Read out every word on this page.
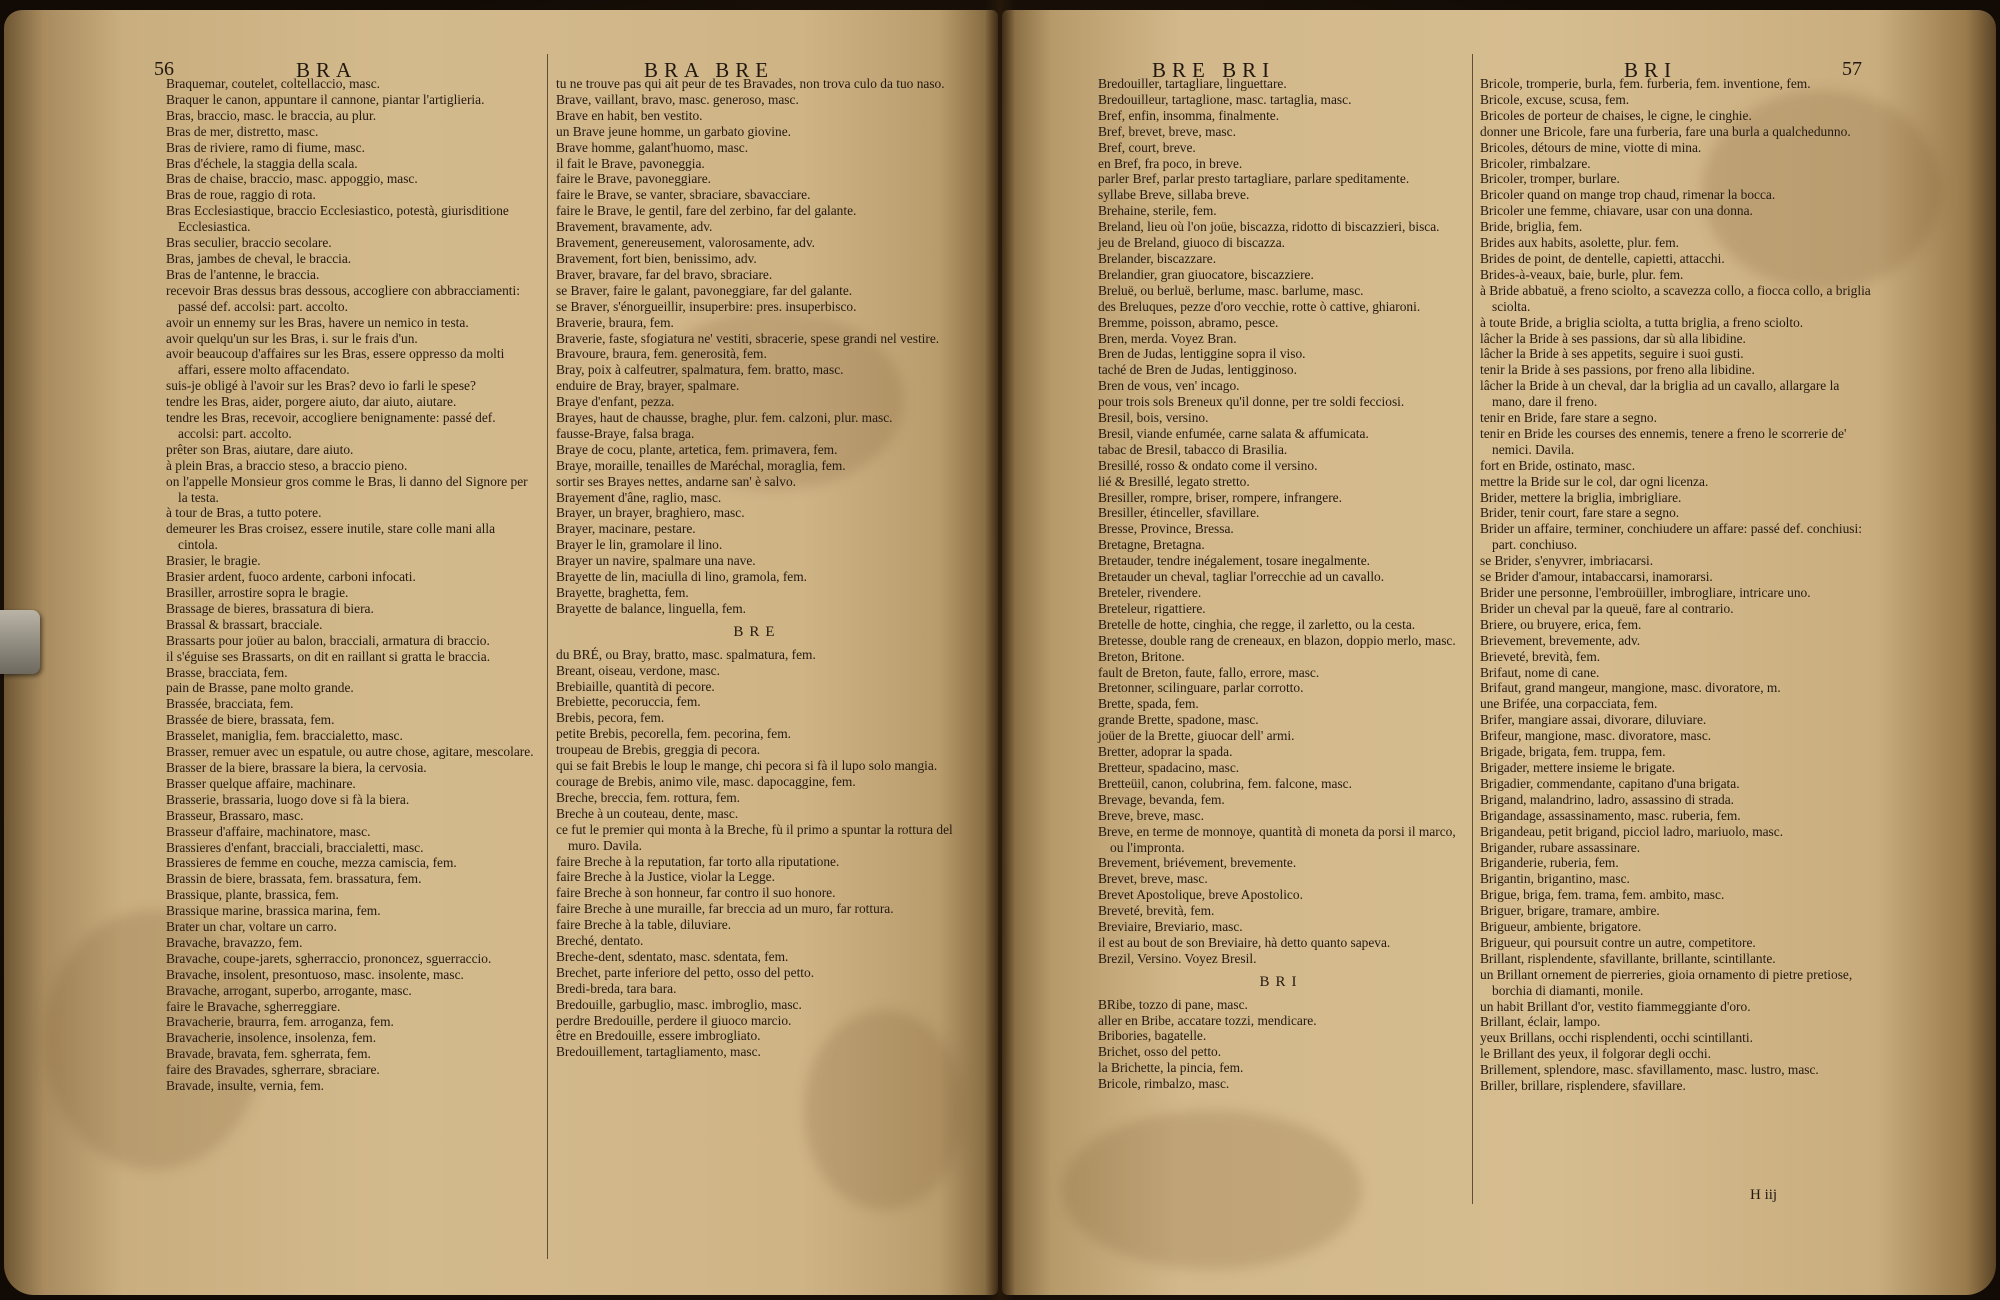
56	BRA	BRA BRE
Braquemar, coutelet, coltellaccio, masc.
Braquer le canon, appuntare il cannone, piantar l'artiglieria.
Bras, braccio, masc. le braccia, au plur.
Bras de mer, distretto, masc.
Bras de riviere, ramo di fiume, masc.
Bras d'échele, la staggia della scala.
Bras de chaise, braccio, masc. appoggio, masc.
Bras de roue, raggio di rota.
Bras Ecclesiastique, braccio Ecclesiastico, potestà, giurisditione Ecclesiastica.
Bras seculier, braccio secolare.
Bras, jambes de cheval, le braccia.
Bras de l'antenne, le braccia.
recevoir Bras dessus bras dessous, accogliere con abbracciamenti: passé def. accolsi: part. accolto.
avoir un ennemy sur les Bras, havere un nemico in testa.
avoir quelqu'un sur les Bras, i. sur le frais d'un.
avoir beaucoup d'affaires sur les Bras, essere oppresso da molti affari, essere molto affacendato.
suis-je obligé à l'avoir sur les Bras? devo io farli le spese?
tendre les Bras, aider, porgere aiuto, dar aiuto, aiutare.
tendre les Bras, recevoir, accogliere benignamente: passé def. accolsi: part. accolto.
prêter son Bras, aiutare, dare aiuto.
à plein Bras, a braccio steso, a braccio pieno.
on l'appelle Monsieur gros comme le Bras, li danno del Signore per la testa.
à tour de Bras, a tutto potere.
demeurer les Bras croisez, essere inutile, stare colle mani alla cintola.
Brasier, le bragie.
Brasier ardent, fuoco ardente, carboni infocati.
Brasiller, arrostire sopra le bragie.
Brassage de bieres, brassatura di biera.
Brassal & brassart, bracciale.
Brassarts pour joüer au balon, bracciali, armatura di braccio.
il s'éguise ses Brassarts, on dit en raillant si gratta le braccia.
Brasse, bracciata, fem.
pain de Brasse, pane molto grande.
Brassée, bracciata, fem.
Brassée de biere, brassata, fem.
Brasselet, maniglia, fem. braccialetto, masc.
Brasser, remuer avec un espatule, ou autre chose, agitare, mescolare.
Brasser de la biere, brassare la biera, la cervosia.
Brasser quelque affaire, machinare.
Brasserie, brassaria, luogo dove si fà la biera.
Brasseur, Brassaro, masc.
Brasseur d'affaire, machinatore, masc.
Brassieres d'enfant, bracciali, braccialetti, masc.
Brassieres de femme en couche, mezza camiscia, fem.
Brassin de biere, brassata, fem. brassatura, fem.
Brassique, plante, brassica, fem.
Brassique marine, brassica marina, fem.
Brater un char, voltare un carro.
Bravache, bravazzo, fem.
Bravache, coupe-jarets, sgherraccio, prononcez, sguerraccio.
Bravache, insolent, presontuoso, masc. insolente, masc.
Bravache, arrogant, superbo, arrogante, masc.
faire le Bravache, sgherreggiare.
Bravacherie, braurra, fem. arroganza, fem.
Bravacherie, insolence, insolenza, fem.
Bravade, bravata, fem. sgherrata, fem.
faire des Bravades, sgherrare, sbraciare.
Bravade, insulte, vernia, fem.
tu ne trouve pas qui ait peur de tes Bravades, non trova culo da tuo naso.
Brave, vaillant, bravo, masc. generoso, masc.
Brave en habit, ben vestito.
un Brave jeune homme, un garbato giovine.
Brave homme, galant'huomo, masc.
il fait le Brave, pavoneggia.
faire le Brave, pavoneggiare.
faire le Brave, se vanter, sbraciare, sbavacciare.
faire le Brave, le gentil, fare del zerbino, far del galante.
Bravement, bravamente, adv.
Bravement, genereusement, valorosamente, adv.
Bravement, fort bien, benissimo, adv.
Braver, bravare, far del bravo, sbraciare.
se Braver, faire le galant, pavoneggiare, far del galante.
se Braver, s'énorgueillir, insuperbire: pres. insuperbisco.
Braverie, braura, fem.
Braverie, faste, sfogiatura ne' vestiti, sbracerie, spese grandi nel vestire.
Bravoure, braura, fem. generosità, fem.
Bray, poix à calfeutrer, spalmatura, fem. bratto, masc.
enduire de Bray, brayer, spalmare.
Braye d'enfant, pezza.
Brayes, haut de chausse, braghe, plur. fem. calzoni, plur. masc.
fausse-Braye, falsa braga.
Braye de cocu, plante, artetica, fem. primavera, fem.
Braye, moraille, tenailles de Maréchal, moraglia, fem.
sortir ses Brayes nettes, andarne san' è salvo.
Brayement d'âne, raglio, masc.
Brayer, un brayer, braghiero, masc.
Brayer, macinare, pestare.
Brayer le lin, gramolare il lino.
Brayer un navire, spalmare una nave.
Brayette de lin, maciulla di lino, gramola, fem.
Brayette, braghetta, fem.
Brayette de balance, linguella, fem.
BRE
du BRÉ, ou Bray, bratto, masc. spalmatura, fem.
Breant, oiseau, verdone, masc.
Brebiaille, quantità di pecore.
Brebiette, pecoruccia, fem.
Brebis, pecora, fem.
petite Brebis, pecorella, fem. pecorina, fem.
troupeau de Brebis, greggia di pecora.
qui se fait Brebis le loup le mange, chi pecora si fà il lupo solo mangia.
courage de Brebis, animo vile, masc. dapocaggine, fem.
Breche, breccia, fem. rottura, fem.
Breche à un couteau, dente, masc.
ce fut le premier qui monta à la Breche, fù il primo a spuntar la rottura del muro. Davila.
faire Breche à la reputation, far torto alla riputatione.
faire Breche à la Justice, violar la Legge.
faire Breche à son honneur, far contro il suo honore.
faire Breche à une muraille, far breccia ad un muro, far rottura.
faire Breche à la table, diluviare.
Breché, dentato.
Breche-dent, sdentato, masc. sdentata, fem.
Brechet, parte inferiore del petto, osso del petto.
Bredi-breda, tara bara.
Bredouille, garbuglio, masc. imbroglio, masc.
perdre Bredouille, perdere il giuoco marcio.
être en Bredouille, essere imbrogliato.
Bredouillement, tartagliamento, masc.
BRE BRI	BRI	57
Bredouiller, tartagliare, linguettare.
Bredouilleur, tartaglione, masc. tartaglia, masc.
Bref, enfin, insomma, finalmente.
Bref, brevet, breve, masc.
Bref, court, breve.
en Bref, fra poco, in breve.
parler Bref, parlar presto tartagliare, parlare speditamente.
syllabe Breve, sillaba breve.
Brehaine, sterile, fem.
Breland, lieu où l'on joüe, biscazza, ridotto di biscazzieri, bisca.
jeu de Breland, giuoco di biscazza.
Brelander, biscazzare.
Brelandier, gran giuocatore, biscazziere.
Breluë, ou berluë, berlume, masc. barlume, masc.
des Breluques, pezze d'oro vecchie, rotte ò cattive, ghiaroni.
Bremme, poisson, abramo, pesce.
Bren, merda. Voyez Bran.
Bren de Judas, lentiggine sopra il viso.
taché de Bren de Judas, lentigginoso.
Bren de vous, ven' incago.
pour trois sols Breneux qu'il donne, per tre soldi fecciosi.
Bresil, bois, versino.
Bresil, viande enfumée, carne salata & affumicata.
tabac de Bresil, tabacco di Brasilia.
Bresillé, rosso & ondato come il versino.
lié & Bresillé, legato stretto.
Bresiller, rompre, briser, rompere, infrangere.
Bresiller, étinceller, sfavillare.
Bresse, Province, Bressa.
Bretagne, Bretagna.
Bretauder, tendre inégalement, tosare inegalmente.
Bretauder un cheval, tagliar l'orrecchie ad un cavallo.
Breteler, rivendere.
Breteleur, rigattiere.
Bretelle de hotte, cinghia, che regge, il zarletto, ou la cesta.
Bretesse, double rang de creneaux, en blazon, doppio merlo, masc.
Breton, Britone.
fault de Breton, faute, fallo, errore, masc.
Bretonner, scilinguare, parlar corrotto.
Brette, spada, fem.
grande Brette, spadone, masc.
joüer de la Brette, giuocar dell' armi.
Bretter, adoprar la spada.
Bretteur, spadacino, masc.
Bretteüil, canon, colubrina, fem. falcone, masc.
Brevage, bevanda, fem.
Breve, breve, masc.
Breve, en terme de monnoye, quantità di moneta da porsi il marco, ou l'impronta.
Brevement, briévement, brevemente.
Brevet, breve, masc.
Brevet Apostolique, breve Apostolico.
Breveté, brevità, fem.
Breviaire, Breviario, masc.
il est au bout de son Breviaire, hà detto quanto sapeva.
Brezil, Versino. Voyez Bresil.
BRI
BRibe, tozzo di pane, masc.
aller en Bribe, accatare tozzi, mendicare.
Bribories, bagatelle.
Brichet, osso del petto.
la Brichette, la pincia, fem.
Bricole, rimbalzo, masc.
Bricole, tromperie, burla, fem. furberia, fem. inventione, fem.
Bricole, excuse, scusa, fem.
Bricoles de porteur de chaises, le cigne, le cinghie.
donner une Bricole, fare una furberia, fare una burla a qualchedunno.
Bricoles, détours de mine, viotte di mina.
Bricoler, rimbalzare.
Bricoler, tromper, burlare.
Bricoler quand on mange trop chaud, rimenar la bocca.
Bricoler une femme, chiavare, usar con una donna.
Bride, briglia, fem.
Brides aux habits, asolette, plur. fem.
Brides de point, de dentelle, capietti, attacchi.
Brides-à-veaux, baie, burle, plur. fem.
à Bride abbatuë, a freno sciolto, a scavezza collo, a fiocca collo, a briglia sciolta.
à toute Bride, a briglia sciolta, a tutta briglia, a freno sciolto.
lâcher la Bride à ses passions, dar sù alla libidine.
lâcher la Bride à ses appetits, seguire i suoi gusti.
tenir la Bride à ses passions, por freno alla libidine.
lâcher la Bride à un cheval, dar la briglia ad un cavallo, allargare la mano, dare il freno.
tenir en Bride, fare stare a segno.
tenir en Bride les courses des ennemis, tenere a freno le scorrerie de' nemici. Davila.
fort en Bride, ostinato, masc.
mettre la Bride sur le col, dar ogni licenza.
Brider, mettere la briglia, imbrigliare.
Brider, tenir court, fare stare a segno.
Brider un affaire, terminer, conchiudere un affare: passé def. conchiusi: part. conchiuso.
se Brider, s'enyvrer, imbriacarsi.
se Brider d'amour, intabaccarsi, inamorarsi.
Brider une personne, l'embroüiller, imbrogliare, intricare uno.
Brider un cheval par la queuë, fare al contrario.
Briere, ou bruyere, erica, fem.
Brievement, brevemente, adv.
Brieveté, brevità, fem.
Brifaut, nome di cane.
Brifaut, grand mangeur, mangione, masc. divoratore, m.
une Brifée, una corpacciata, fem.
Brifer, mangiare assai, divorare, diluviare.
Brifeur, mangione, masc. divoratore, masc.
Brigade, brigata, fem. truppa, fem.
Brigader, mettere insieme le brigate.
Brigadier, commendante, capitano d'una brigata.
Brigand, malandrino, ladro, assassino di strada.
Brigandage, assassinamento, masc. ruberia, fem.
Brigandeau, petit brigand, picciol ladro, mariuolo, masc.
Brigander, rubare assassinare.
Briganderie, ruberia, fem.
Brigantin, brigantino, masc.
Brigue, briga, fem. trama, fem. ambito, masc.
Briguer, brigare, tramare, ambire.
Brigueur, ambiente, brigatore.
Brigueur, qui poursuit contre un autre, competitore.
Brillant, risplendente, sfavillante, brillante, scintillante.
un Brillant ornement de pierreries, gioia ornamento di pietre pretiose, borchia di diamanti, monile.
un habit Brillant d'or, vestito fiammeggiante d'oro.
Brillant, éclair, lampo.
yeux Brillans, occhi risplendenti, occhi scintillanti.
le Brillant des yeux, il folgorar degli occhi.
Brillement, splendore, masc. sfavillamento, masc. lustro, masc.
Briller, brillare, risplendere, sfavillare.
H iij
